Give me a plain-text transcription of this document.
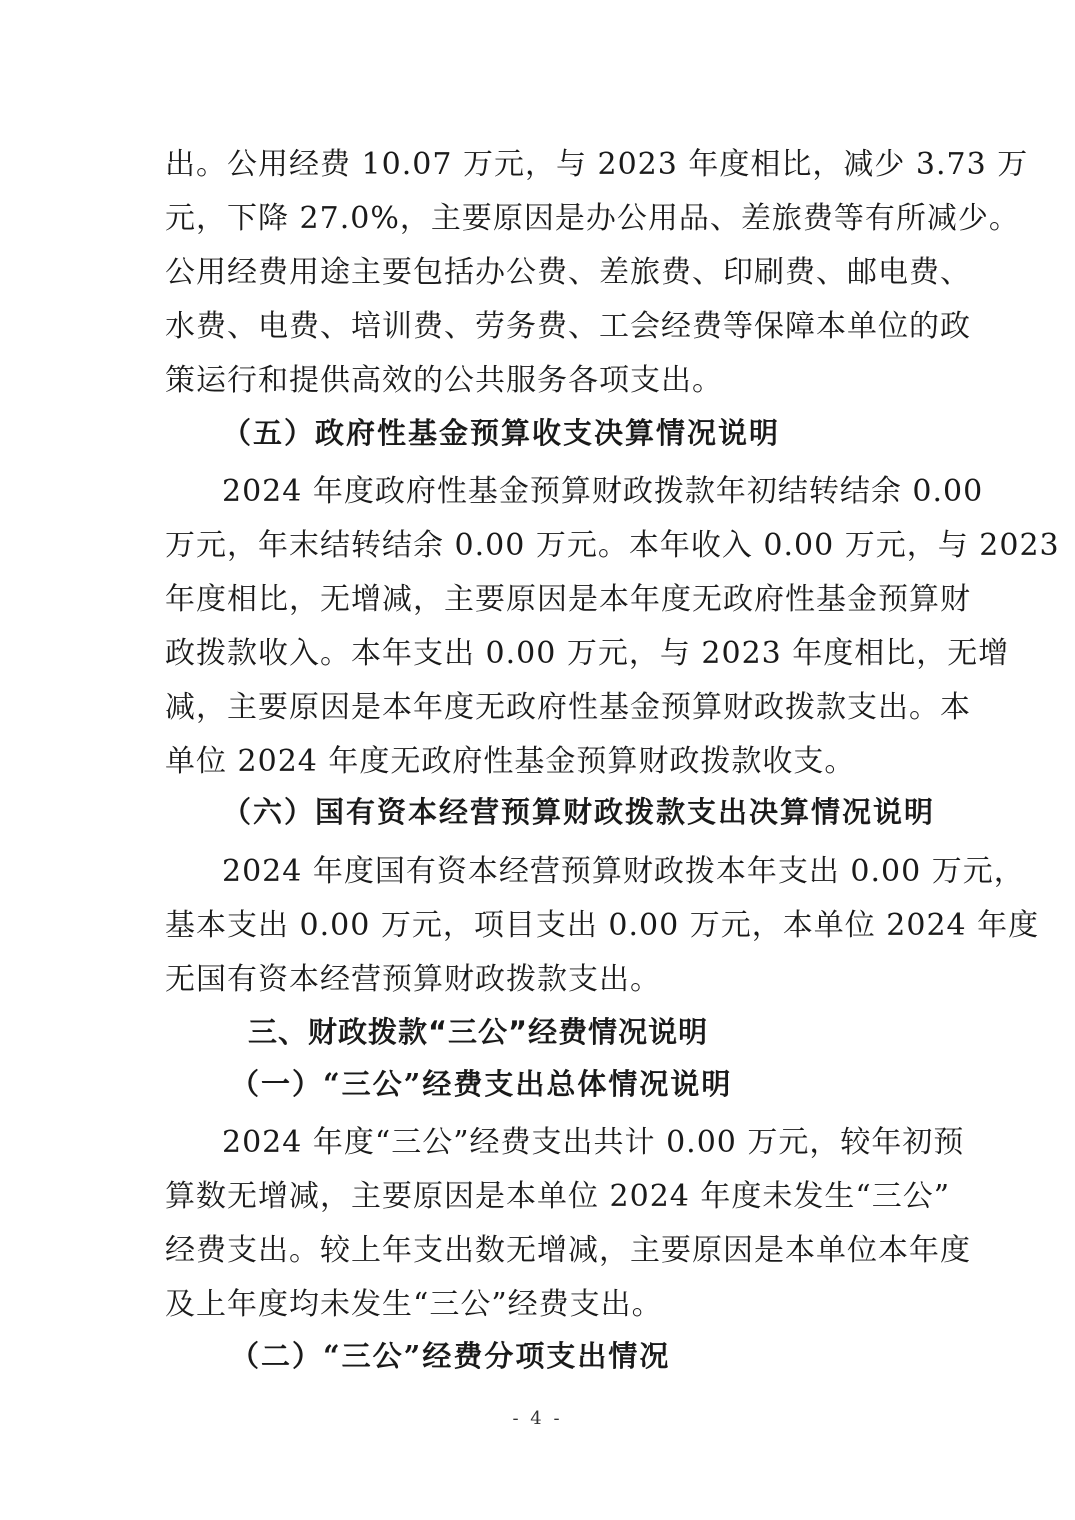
出。公用经费 10.07 万元，与 2023 年度相比，减少 3.73 万
元，下降 27.0%，主要原因是办公用品、差旅费等有所减少。
公用经费用途主要包括办公费、差旅费、印刷费、邮电费、
水费、电费、培训费、劳务费、工会经费等保障本单位的政
策运行和提供高效的公共服务各项支出。
（五）政府性基金预算收支决算情况说明
2024 年度政府性基金预算财政拨款年初结转结余 0.00
万元，年末结转结余 0.00 万元。本年收入 0.00 万元，与 2023
年度相比，无增减，主要原因是本年度无政府性基金预算财
政拨款收入。本年支出 0.00 万元，与 2023 年度相比，无增
减，主要原因是本年度无政府性基金预算财政拨款支出。本
单位 2024 年度无政府性基金预算财政拨款收支。
（六）国有资本经营预算财政拨款支出决算情况说明
2024 年度国有资本经营预算财政拨本年支出 0.00 万元，
基本支出 0.00 万元，项目支出 0.00 万元，本单位 2024 年度
无国有资本经营预算财政拨款支出。
三、财政拨款“三公”经费情况说明
（一）“三公”经费支出总体情况说明
2024 年度“三公”经费支出共计 0.00 万元，较年初预
算数无增减，主要原因是本单位 2024 年度未发生“三公”
经费支出。较上年支出数无增减，主要原因是本单位本年度
及上年度均未发生“三公”经费支出。
（二）“三公”经费分项支出情况
- 4 -
